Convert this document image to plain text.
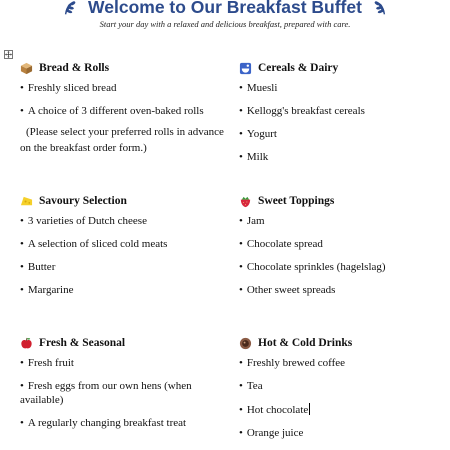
Welcome to Our Breakfast Buffet
Start your day with a relaxed and delicious breakfast, prepared with care.
Bread & Rolls
• Freshly sliced bread
• A choice of 3 different oven-baked rolls
(Please select your preferred rolls in advance on the breakfast order form.)
Cereals & Dairy
• Muesli
• Kellogg's breakfast cereals
• Yogurt
• Milk
Savoury Selection
• 3 varieties of Dutch cheese
• A selection of sliced cold meats
• Butter
• Margarine
Sweet Toppings
• Jam
• Chocolate spread
• Chocolate sprinkles (hagelslag)
• Other sweet spreads
Fresh & Seasonal
• Fresh fruit
• Fresh eggs from our own hens (when available)
• A regularly changing breakfast treat
Hot & Cold Drinks
• Freshly brewed coffee
• Tea
• Hot chocolate
• Orange juice
